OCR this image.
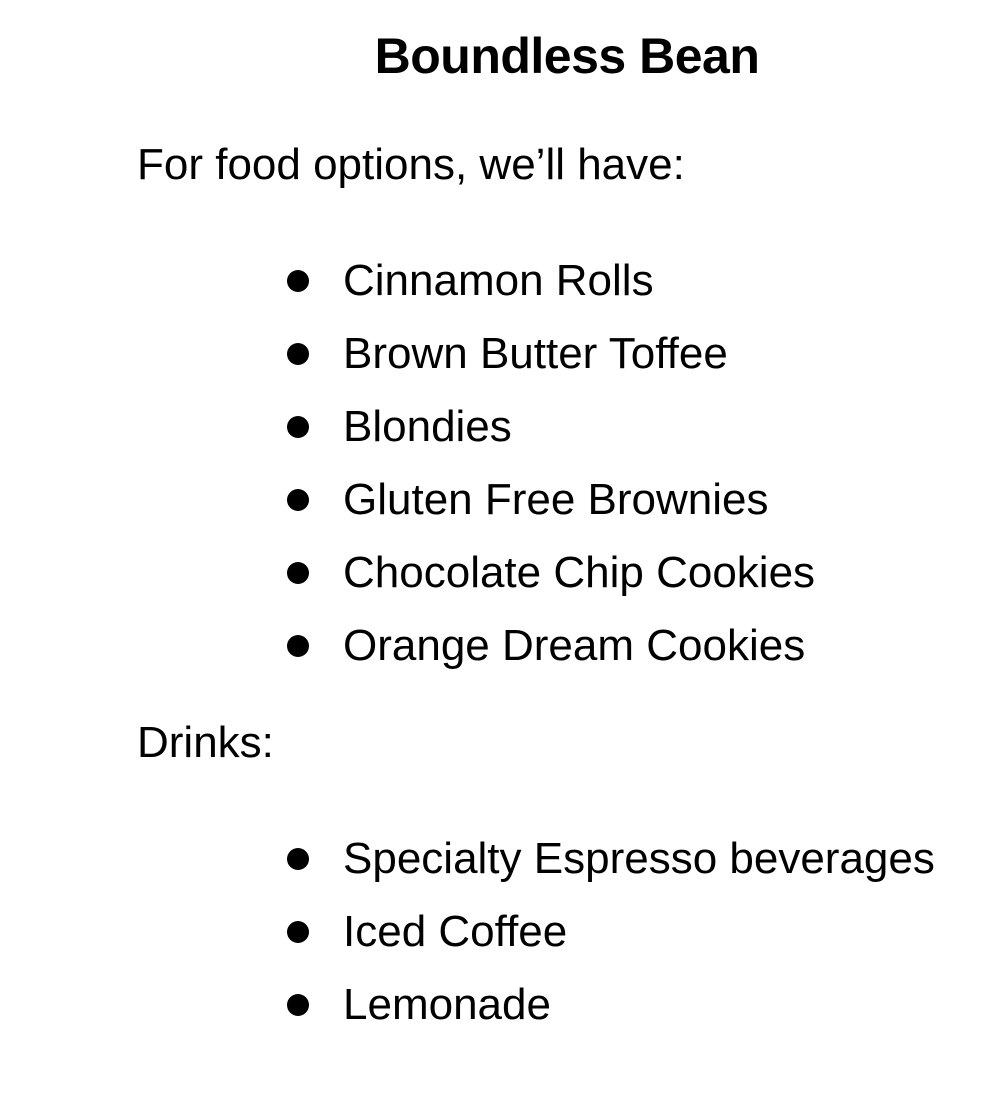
Boundless Bean

For food options, we’ll have:

Cinnamon Rolls
Brown Butter Toffee
Blondies
Gluten Free Brownies
Chocolate Chip Cookies
Orange Dream Cookies

Drinks:

Specialty Espresso beverages
Iced Coffee
Lemonade
